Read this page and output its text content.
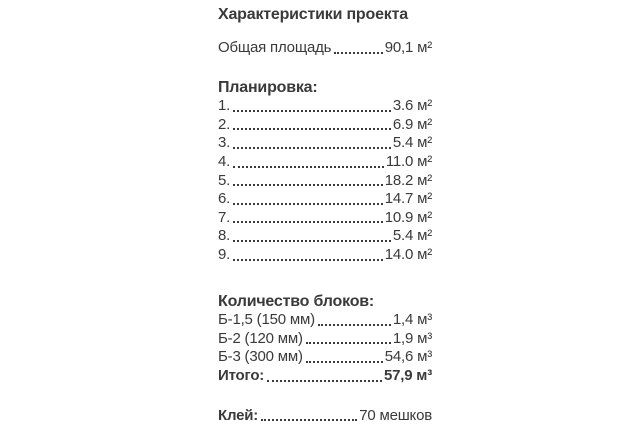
Характеристики проекта
Общая площадь	90,1 м²
Планировка:
1.	3.6 м²
2.	6.9 м²
3.	5.4 м²
4.	11.0 м²
5.	18.2 м²
6.	14.7 м²
7.	10.9 м²
8.	5.4 м²
9.	14.0 м²
Количество блоков:
Б-1,5 (150 мм)	1,4 м³
Б-2 (120 мм)	1,9 м³
Б-3 (300 мм)	54,6 м³
Итого:	57,9 м³
Клей:	70 мешков
